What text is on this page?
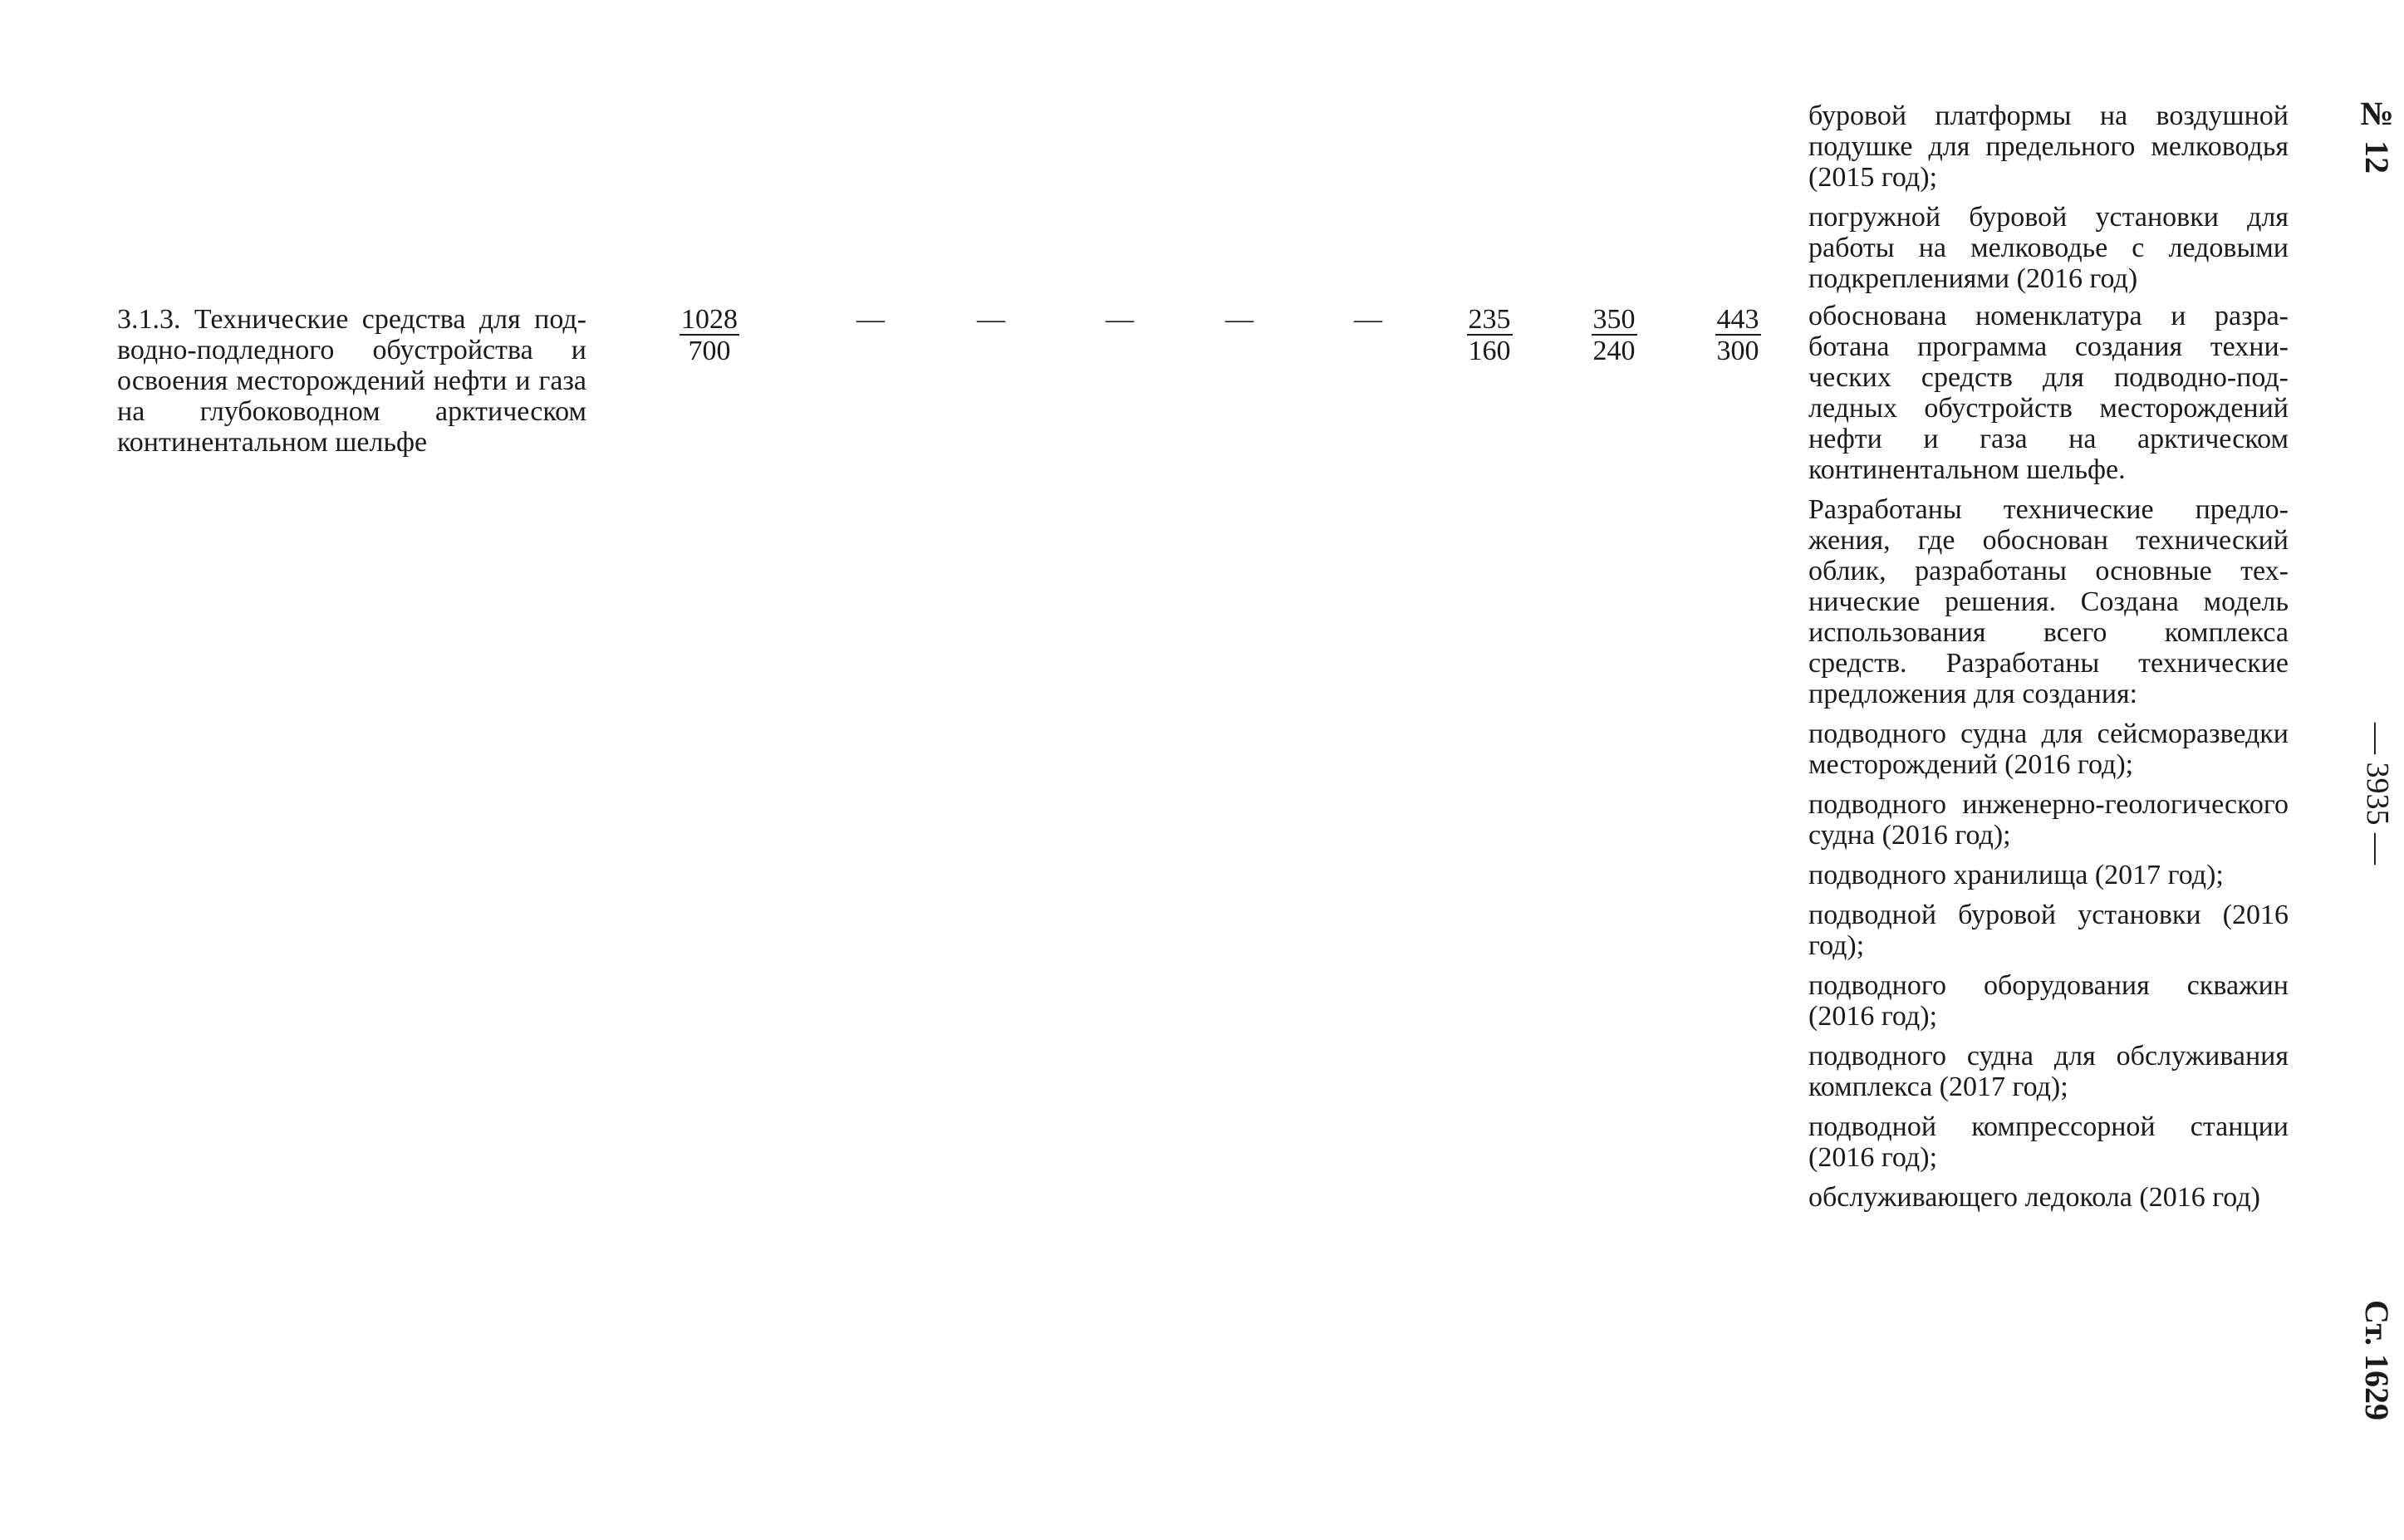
3.1.3. Технические средства для подводно-подледного обустройства и освоения месторождений нефти и газа на глубоководном арктическом континентальном шельфе
$\frac{1028}{700}$	—	—	—	—	—	$\frac{235}{160} \frac{350}{240} \frac{443}{300}$

буровой платформы на воздушной подушке для предельного мелководья (2015 год);

погружной буровой установки для работы на мелководье с ледовыми подкреплениями (2016 год)

обоснована номенклатура и разработана программа создания технических средств для подводно-подледных обустройств месторождений нефти и газа на арктическом континентальном шельфе.

Разработаны технические предложения, где обоснован технический облик, разработаны основные технические решения. Создана модель использования всего комплекса средств. Разработаны технические предложения для создания:

подводного судна для сейсморазведки месторождений (2016 год);

подводного инженерно-геологического судна (2016 год);

подводного хранилища (2017 год);

подводной буровой установки (2016 год);

подводного оборудования скважин (2016 год);

подводного судна для обслуживания комплекса (2017 год);

подводной компрессорной станции (2016 год);

обслуживающего ледокола (2016 год)

№ 12
— 3935 —
Ст. 1629
